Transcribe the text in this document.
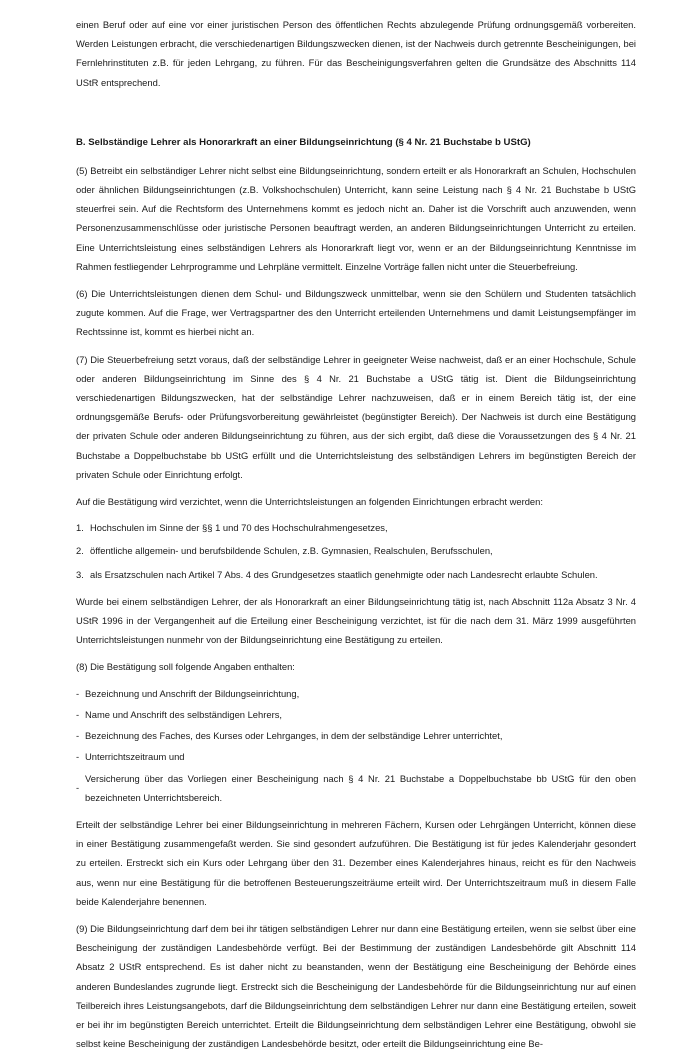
einen Beruf oder auf eine vor einer juristischen Person des öffentlichen Rechts abzulegende Prüfung ordnungsgemäß vorbereiten. Werden Leistungen erbracht, die verschiedenartigen Bildungszwecken dienen, ist der Nachweis durch getrennte Bescheinigungen, bei Fernlehrinstituten z.B. für jeden Lehrgang, zu führen. Für das Bescheinigungsverfahren gelten die Grundsätze des Abschnitts 114 UStR entsprechend.

B. Selbständige Lehrer als Honorarkraft an einer Bildungseinrichtung (§ 4 Nr. 21 Buchstabe b UStG)

(5) Betreibt ein selbständiger Lehrer nicht selbst eine Bildungseinrichtung, sondern erteilt er als Honorarkraft an Schulen, Hochschulen oder ähnlichen Bildungseinrichtungen (z.B. Volkshochschulen) Unterricht, kann seine Leistung nach § 4 Nr. 21 Buchstabe b UStG steuerfrei sein. Auf die Rechtsform des Unternehmens kommt es jedoch nicht an. Daher ist die Vorschrift auch anzuwenden, wenn Personenzusammenschlüsse oder juristische Personen beauftragt werden, an anderen Bildungseinrichtungen Unterricht zu erteilen. Eine Unterrichtsleistung eines selbständigen Lehrers als Honorarkraft liegt vor, wenn er an der Bildungseinrichtung Kenntnisse im Rahmen festliegender Lehrprogramme und Lehrpläne vermittelt. Einzelne Vorträge fallen nicht unter die Steuerbefreiung.

(6) Die Unterrichtsleistungen dienen dem Schul- und Bildungszweck unmittelbar, wenn sie den Schülern und Studenten tatsächlich zugute kommen. Auf die Frage, wer Vertragspartner des den Unterricht erteilenden Unternehmens und damit Leistungsempfänger im Rechtssinne ist, kommt es hierbei nicht an.

(7) Die Steuerbefreiung setzt voraus, daß der selbständige Lehrer in geeigneter Weise nachweist, daß er an einer Hochschule, Schule oder anderen Bildungseinrichtung im Sinne des § 4 Nr. 21 Buchstabe a UStG tätig ist. Dient die Bildungseinrichtung verschiedenartigen Bildungszwecken, hat der selbständige Lehrer nachzuweisen, daß er in einem Bereich tätig ist, der eine ordnungsgemäße Berufs- oder Prüfungsvorbereitung gewährleistet (begünstigter Bereich). Der Nachweis ist durch eine Bestätigung der privaten Schule oder anderen Bildungseinrichtung zu führen, aus der sich ergibt, daß diese die Voraussetzungen des § 4 Nr. 21 Buchstabe a Doppelbuchstabe bb UStG erfüllt und die Unterrichtsleistung des selbständigen Lehrers im begünstigten Bereich der privaten Schule oder Einrichtung erfolgt.

Auf die Bestätigung wird verzichtet, wenn die Unterrichtsleistungen an folgenden Einrichtungen erbracht werden:

1. Hochschulen im Sinne der §§ 1 und 70 des Hochschulrahmengesetzes,
2. öffentliche allgemein- und berufsbildende Schulen, z.B. Gymnasien, Realschulen, Berufsschulen,
3. als Ersatzschulen nach Artikel 7 Abs. 4 des Grundgesetzes staatlich genehmigte oder nach Landesrecht erlaubte Schulen.

Wurde bei einem selbständigen Lehrer, der als Honorarkraft an einer Bildungseinrichtung tätig ist, nach Abschnitt 112a Absatz 3 Nr. 4 UStR 1996 in der Vergangenheit auf die Erteilung einer Bescheinigung verzichtet, ist für die nach dem 31. März 1999 ausgeführten Unterrichtsleistungen nunmehr von der Bildungseinrichtung eine Bestätigung zu erteilen.

(8) Die Bestätigung soll folgende Angaben enthalten:

- Bezeichnung und Anschrift der Bildungseinrichtung,
- Name und Anschrift des selbständigen Lehrers,
- Bezeichnung des Faches, des Kurses oder Lehrganges, in dem der selbständige Lehrer unterrichtet,
- Unterrichtszeitraum und
-
Versicherung über das Vorliegen einer Bescheinigung nach § 4 Nr. 21 Buchstabe a Doppelbuchstabe bb UStG für den oben bezeichneten Unterrichtsbereich.

Erteilt der selbständige Lehrer bei einer Bildungseinrichtung in mehreren Fächern, Kursen oder Lehrgängen Unterricht, können diese in einer Bestätigung zusammengefaßt werden. Sie sind gesondert aufzuführen. Die Bestätigung ist für jedes Kalenderjahr gesondert zu erteilen. Erstreckt sich ein Kurs oder Lehrgang über den 31. Dezember eines Kalenderjahres hinaus, reicht es für den Nachweis aus, wenn nur eine Bestätigung für die betroffenen Besteuerungszeiträume erteilt wird. Der Unterrichtszeitraum muß in diesem Falle beide Kalenderjahre benennen.

(9) Die Bildungseinrichtung darf dem bei ihr tätigen selbständigen Lehrer nur dann eine Bestätigung erteilen, wenn sie selbst über eine Bescheinigung der zuständigen Landesbehörde verfügt. Bei der Bestimmung der zuständigen Landesbehörde gilt Abschnitt 114 Absatz 2 UStR entsprechend. Es ist daher nicht zu beanstanden, wenn der Bestätigung eine Bescheinigung der Behörde eines anderen Bundeslandes zugrunde liegt. Erstreckt sich die Bescheinigung der Landesbehörde für die Bildungseinrichtung nur auf einen Teilbereich ihres Leistungsangebots, darf die Bildungseinrichtung dem selbständigen Lehrer nur dann eine Bestätigung erteilen, soweit er bei ihr im begünstigten Bereich unterrichtet. Erteilt die Bildungseinrichtung dem selbständigen Lehrer eine Bestätigung, obwohl sie selbst keine Bescheinigung der zuständigen Landesbehörde besitzt, oder erteilt die Bildungseinrichtung eine Be-
